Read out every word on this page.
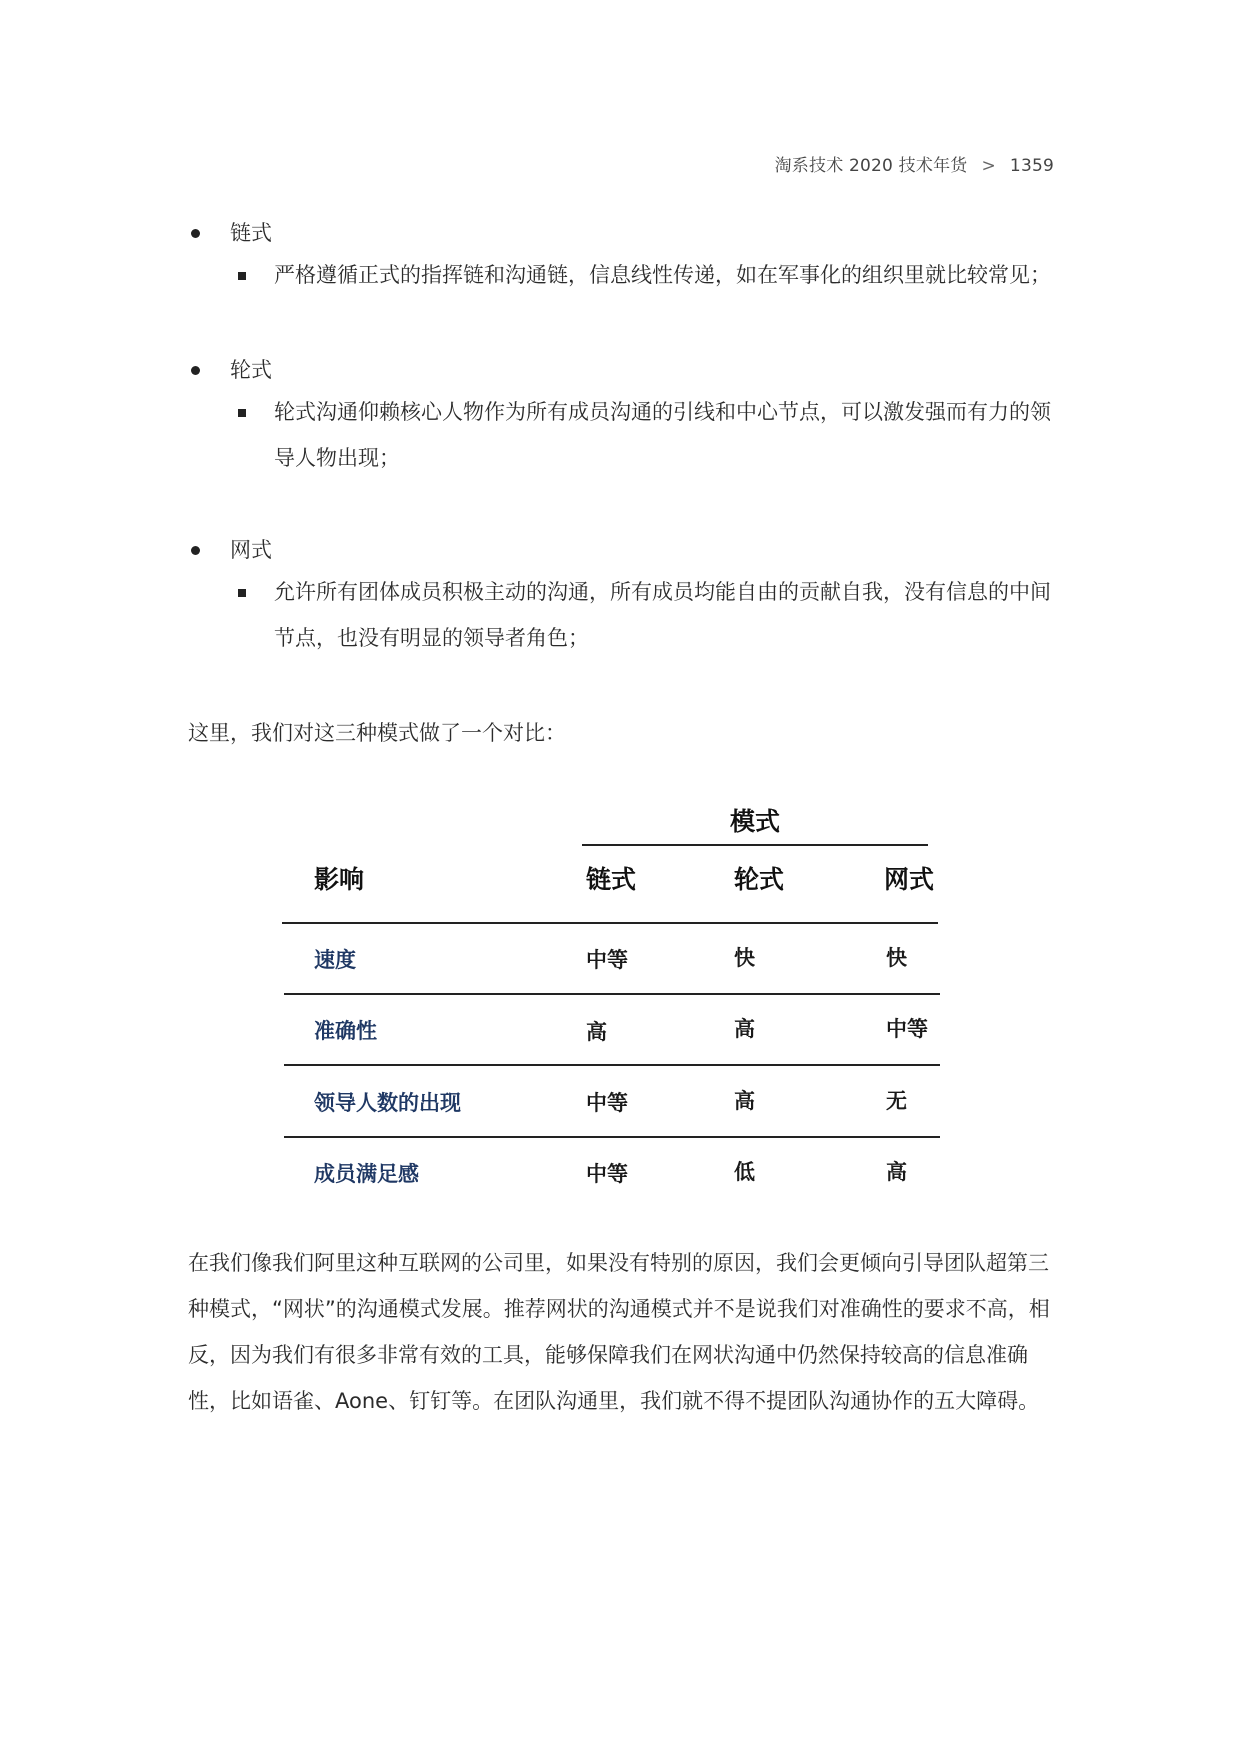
淘系技术 2020 技术年货 > 1359
链式
严格遵循正式的指挥链和沟通链，信息线性传递，如在军事化的组织里就比较常见；
轮式
轮式沟通仰赖核心人物作为所有成员沟通的引线和中心节点，可以激发强而有力的领导人物出现；
网式
允许所有团体成员积极主动的沟通，所有成员均能自由的贡献自我，没有信息的中间节点，也没有明显的领导者角色；
这里，我们对这三种模式做了一个对比：
模式
影响	链式	轮式	网式
速度	中等	快	快
准确性	高	高	中等
领导人数的出现	中等	高	无
成员满足感	中等	低	高
在我们像我们阿里这种互联网的公司里，如果没有特别的原因，我们会更倾向引导团队超第三种模式，“网状”的沟通模式发展。推荐网状的沟通模式并不是说我们对准确性的要求不高，相反，因为我们有很多非常有效的工具，能够保障我们在网状沟通中仍然保持较高的信息准确性，比如语雀、Aone、钉钉等。在团队沟通里，我们就不得不提团队沟通协作的五大障碍。
